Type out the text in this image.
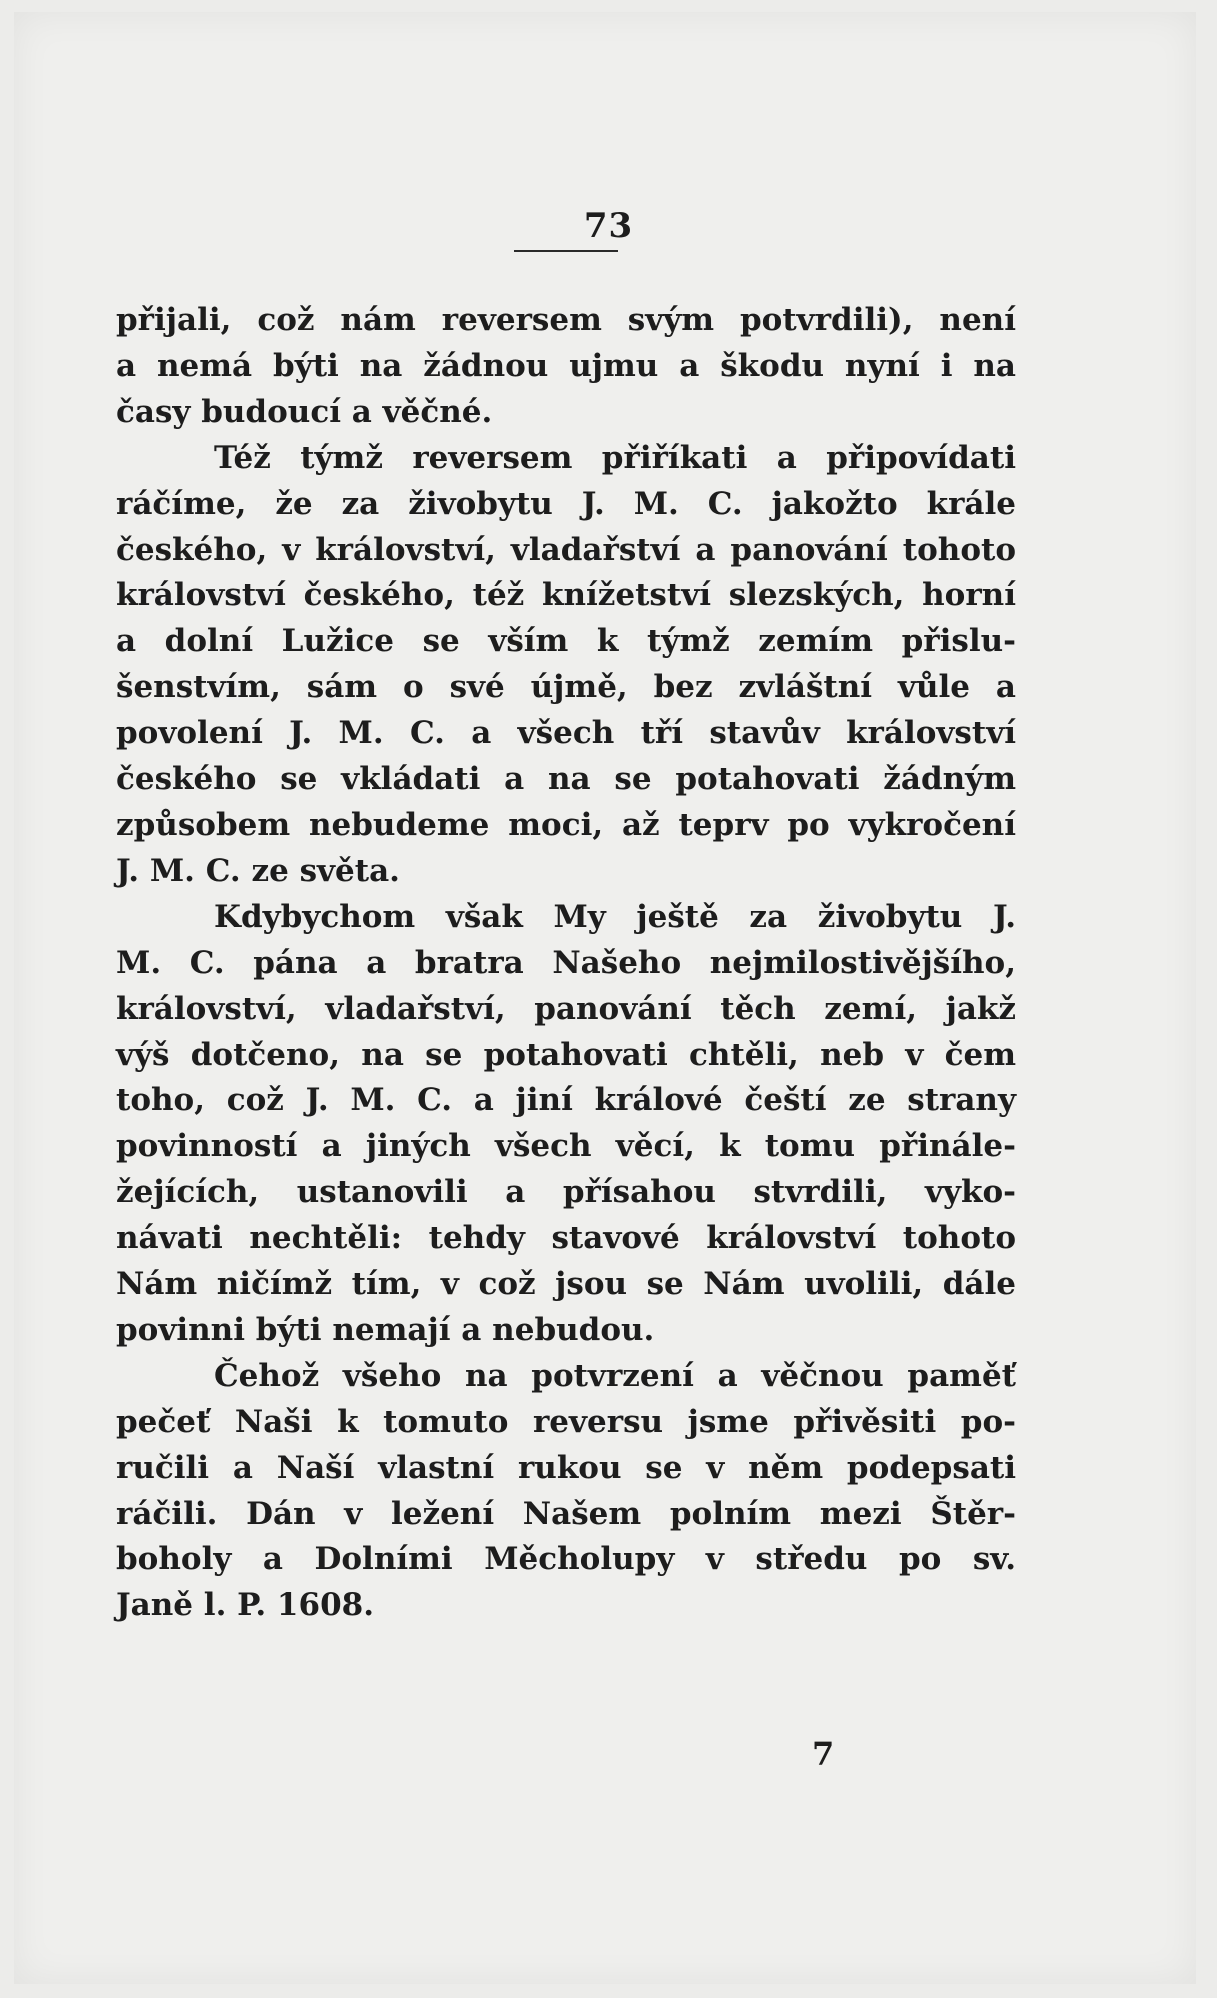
73
přijali, což nám reversem svým potvrdili), není
a nemá býti na žádnou ujmu a škodu nyní i na
časy budoucí a věčné.
Též týmž reversem přiříkati a připovídati
ráčíme, že za živobytu J. M. C. jakožto krále
českého, v království, vladařství a panování tohoto
království českého, též knížetství slezských, horní
a dolní Lužice se vším k týmž zemím přislu-
šenstvím, sám o své újmě, bez zvláštní vůle a
povolení J. M. C. a všech tří stavův království
českého se vkládati a na se potahovati žádným
způsobem nebudeme moci, až teprv po vykročení
J. M. C. ze světa.
Kdybychom však My ještě za živobytu J.
M. C. pána a bratra Našeho nejmilostivějšího,
království, vladařství, panování těch zemí, jakž
výš dotčeno, na se potahovati chtěli, neb v čem
toho, což J. M. C. a jiní králové čeští ze strany
povinností a jiných všech věcí, k tomu přinále-
žejících, ustanovili a přísahou stvrdili, vyko-
návati nechtěli: tehdy stavové království tohoto
Nám ničímž tím, v což jsou se Nám uvolili, dále
povinni býti nemají a nebudou.
Čehož všeho na potvrzení a věčnou paměť
pečeť Naši k tomuto reversu jsme přivěsiti po-
ručili a Naší vlastní rukou se v něm podepsati
ráčili. Dán v ležení Našem polním mezi Štěr-
boholy a Dolními Měcholupy v středu po sv.
Janě l. P. 1608.
7
